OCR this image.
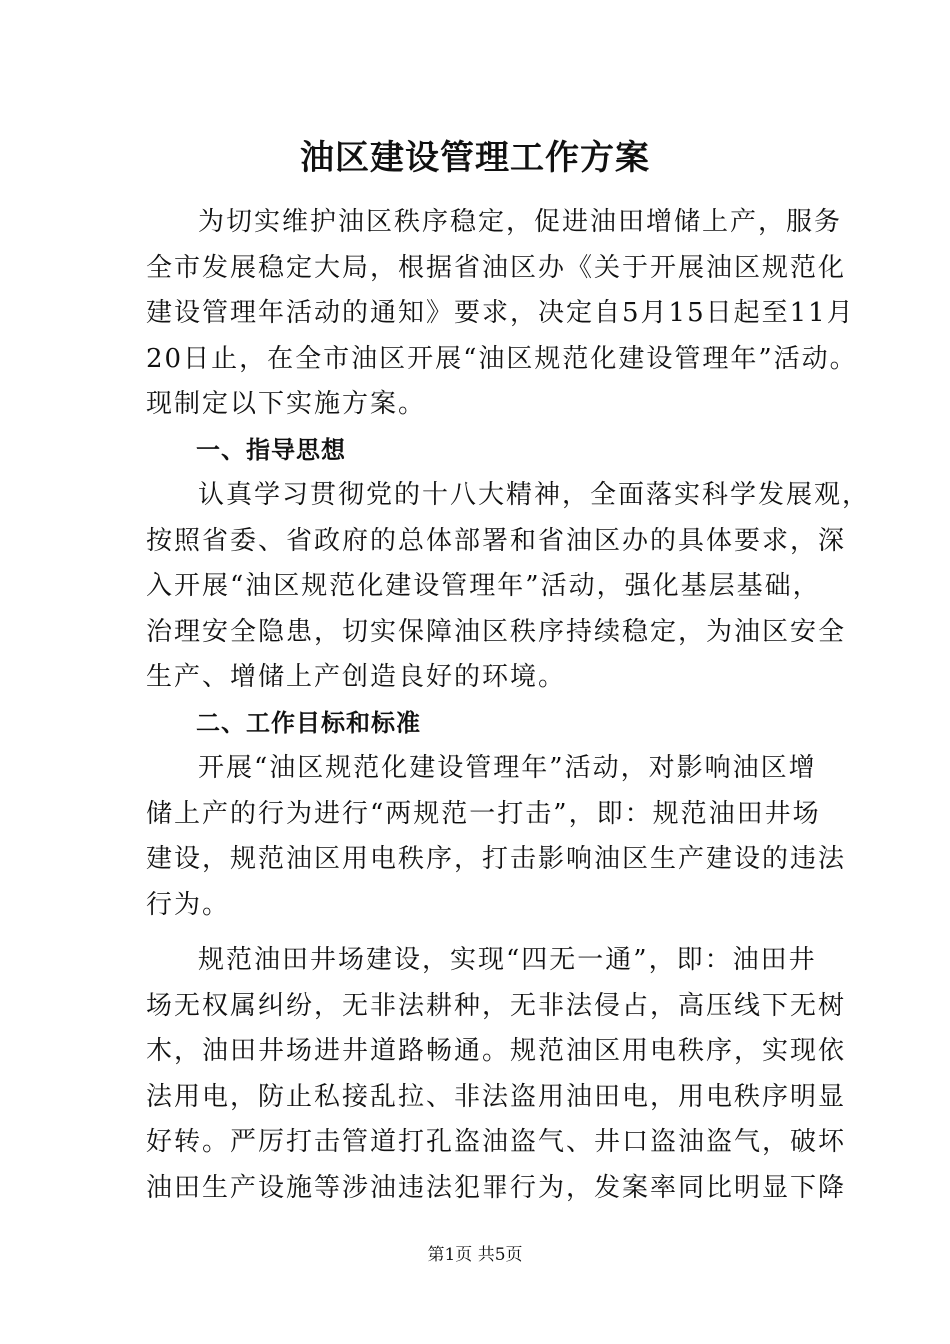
油区建设管理工作方案
为切实维护油区秩序稳定，促进油田增储上产，服务
全市发展稳定大局，根据省油区办《关于开展油区规范化
建设管理年活动的通知》要求，决定自5月15日起至11月
20日止，在全市油区开展“油区规范化建设管理年”活动。
现制定以下实施方案。
一、指导思想
认真学习贯彻党的十八大精神，全面落实科学发展观，
按照省委、省政府的总体部署和省油区办的具体要求，深
入开展“油区规范化建设管理年”活动，强化基层基础，
治理安全隐患，切实保障油区秩序持续稳定，为油区安全
生产、增储上产创造良好的环境。
二、工作目标和标准
开展“油区规范化建设管理年”活动，对影响油区增
储上产的行为进行“两规范一打击”，即：规范油田井场
建设，规范油区用电秩序，打击影响油区生产建设的违法
行为。
规范油田井场建设，实现“四无一通”，即：油田井
场无权属纠纷，无非法耕种，无非法侵占，高压线下无树
木，油田井场进井道路畅通。规范油区用电秩序，实现依
法用电，防止私接乱拉、非法盗用油田电，用电秩序明显
好转。严厉打击管道打孔盗油盗气、井口盗油盗气，破坏
油田生产设施等涉油违法犯罪行为，发案率同比明显下降
第1页 共5页
